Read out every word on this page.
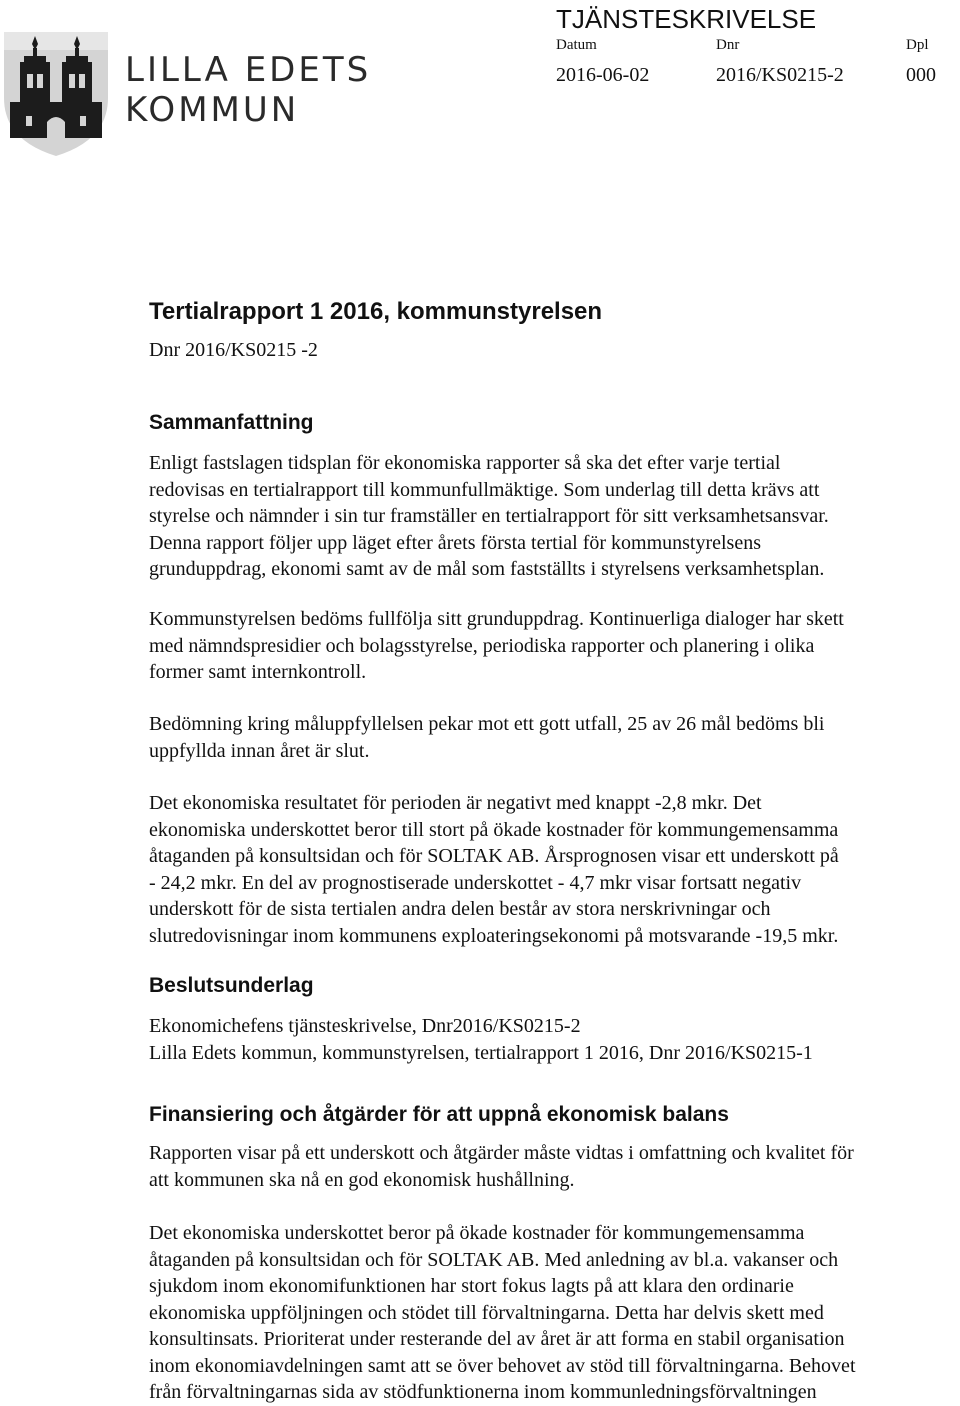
LILLA EDETS
KOMMUN
TJÄNSTESKRIVELSE
Datum	Dnr	Dpl
2016-06-02	2016/KS0215-2	000
Tertialrapport 1 2016, kommunstyrelsen

Dnr 2016/KS0215 -2

Sammanfattning
Enligt fastslagen tidsplan för ekonomiska rapporter så ska det efter varje tertial
redovisas en tertialrapport till kommunfullmäktige. Som underlag till detta krävs att
styrelse och nämnder i sin tur framställer en tertialrapport för sitt verksamhetsansvar.
Denna rapport följer upp läget efter årets första tertial för kommunstyrelsens
grunduppdrag, ekonomi samt av de mål som fastställts i styrelsens verksamhetsplan.
Kommunstyrelsen bedöms fullfölja sitt grunduppdrag. Kontinuerliga dialoger har skett
med nämndspresidier och bolagsstyrelse, periodiska rapporter och planering i olika
former samt internkontroll.
Bedömning kring måluppfyllelsen pekar mot ett gott utfall, 25 av 26 mål bedöms bli
uppfyllda innan året är slut.
Det ekonomiska resultatet för perioden är negativt med knappt -2,8 mkr. Det
ekonomiska underskottet beror till stort på ökade kostnader för kommungemensamma
åtaganden på konsultsidan och för SOLTAK AB. Årsprognosen visar ett underskott på
- 24,2 mkr. En del av prognostiserade underskottet - 4,7 mkr visar fortsatt negativ
underskott för de sista tertialen andra delen består av stora nerskrivningar och
slutredovisningar inom kommunens exploateringsekonomi på motsvarande -19,5 mkr.
Beslutsunderlag
Ekonomichefens tjänsteskrivelse, Dnr2016/KS0215-2
Lilla Edets kommun, kommunstyrelsen, tertialrapport 1 2016, Dnr 2016/KS0215-1
Finansiering och åtgärder för att uppnå ekonomisk balans
Rapporten visar på ett underskott och åtgärder måste vidtas i omfattning och kvalitet för
att kommunen ska nå en god ekonomisk hushållning.
Det ekonomiska underskottet beror på ökade kostnader för kommungemensamma
åtaganden på konsultsidan och för SOLTAK AB. Med anledning av bl.a. vakanser och
sjukdom inom ekonomifunktionen har stort fokus lagts på att klara den ordinarie
ekonomiska uppföljningen och stödet till förvaltningarna. Detta har delvis skett med
konsultinsats. Prioriterat under resterande del av året är att forma en stabil organisation
inom ekonomiavdelningen samt att se över behovet av stöd till förvaltningarna. Behovet
från förvaltningarnas sida av stödfunktionerna inom kommunledningsförvaltningen
